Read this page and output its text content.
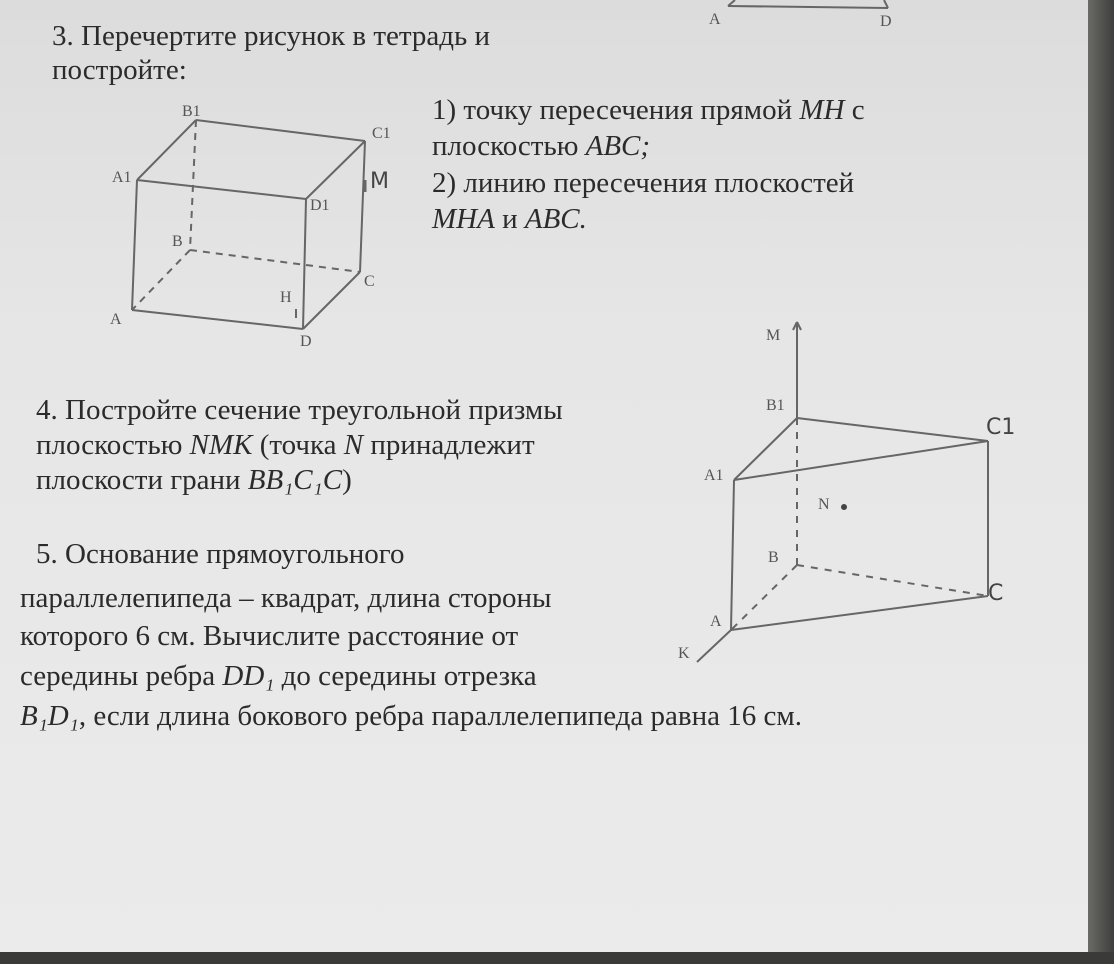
A	D

3. Перечертите рисунок в тетрадь и

постройте:

1) точку пересечения прямой MH с

плоскостью ABC;

2) линию пересечения плоскостей

MHA и ABC.

B1
C1
A1	M
D1
B
C
H
A
D

4. Постройте сечение треугольной призмы

плоскостью NMK (точка N принадлежит

плоскости грани BB₁C₁C)

M
B1
C1
A1
N
B
C
A
K

5. Основание прямоугольного

параллелепипеда – квадрат, длина стороны

которого 6 см. Вычислите расстояние от

середины ребра DD₁ до середины отрезка

B₁D₁, если длина бокового ребра параллелепипеда равна 16 см.
